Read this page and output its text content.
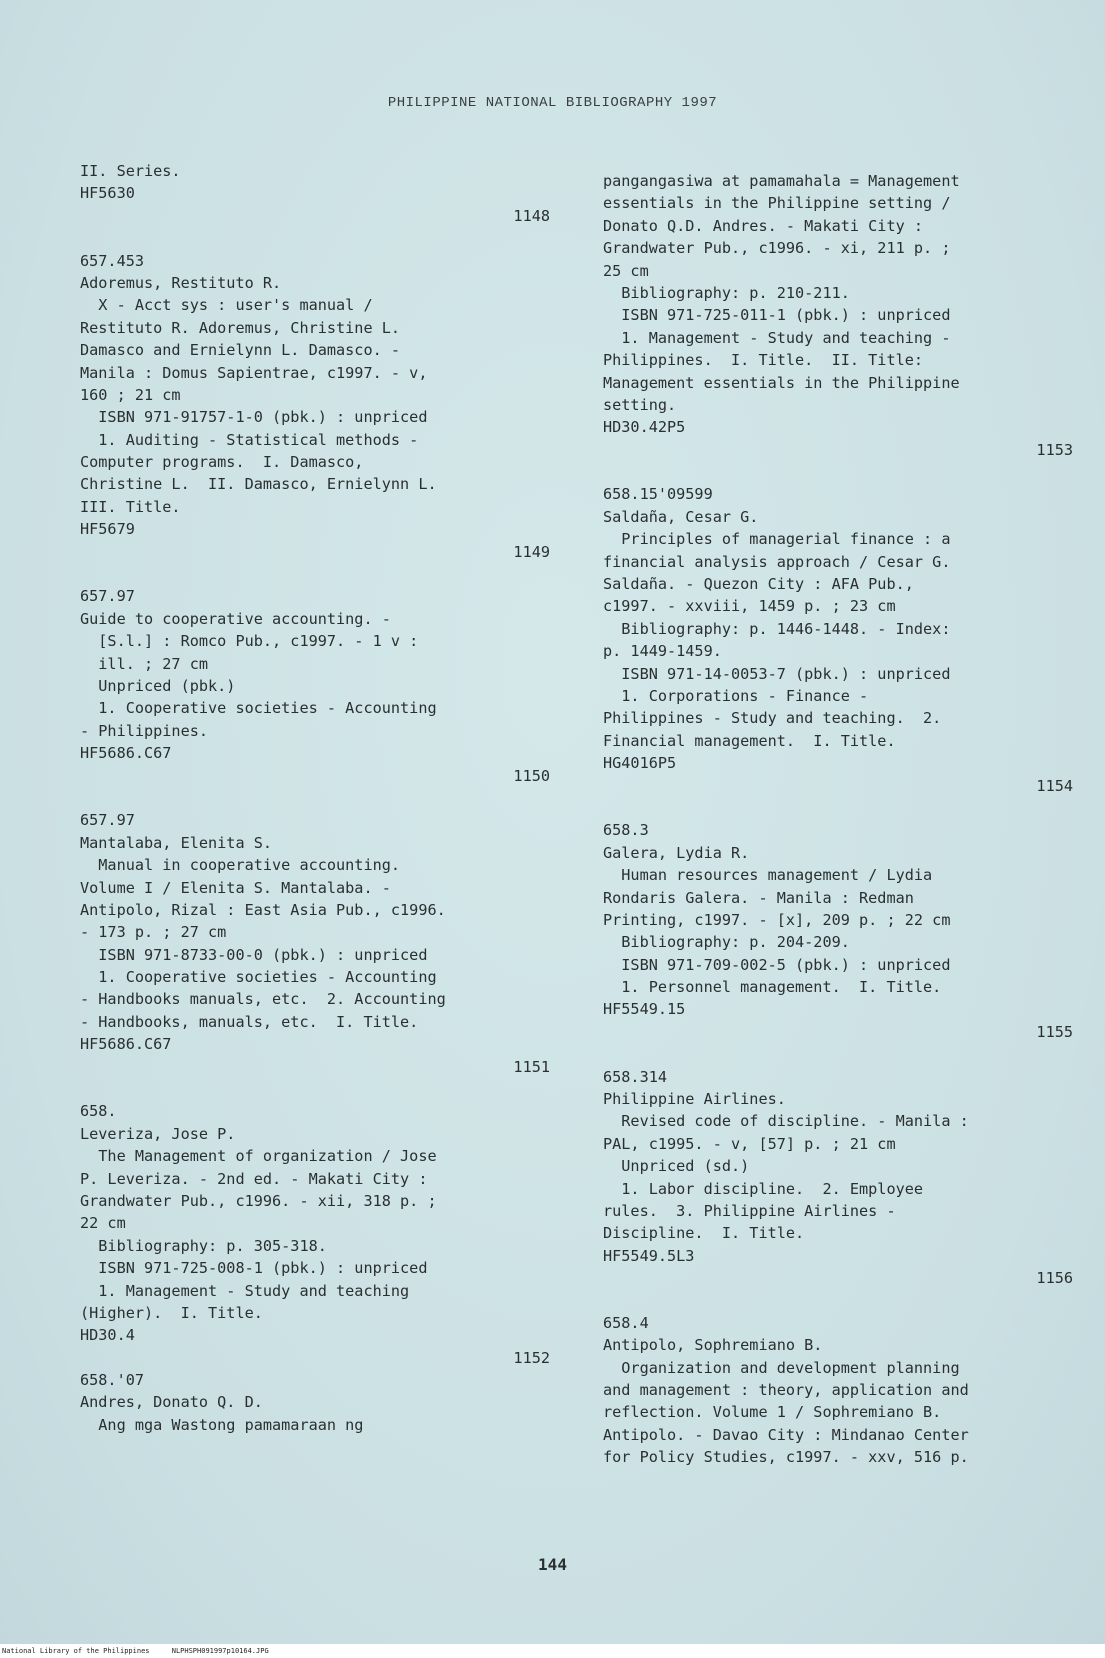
PHILIPPINE NATIONAL BIBLIOGRAPHY 1997
II. Series.
HF5630
1148
657.453
Adoremus, Restituto R.
X - Acct sys : user's manual /
Restituto R. Adoremus, Christine L.
Damasco and Ernielynn L. Damasco. -
Manila : Domus Sapientrae, c1997. - v,
160 ; 21 cm
ISBN 971-91757-1-0 (pbk.) : unpriced
1. Auditing - Statistical methods -
Computer programs.  I. Damasco,
Christine L.  II. Damasco, Ernielynn L.
III. Title.
HF5679
1149
657.97
Guide to cooperative accounting. -
[S.l.] : Romco Pub., c1997. - 1 v :
ill. ; 27 cm
Unpriced (pbk.)
1. Cooperative societies - Accounting
- Philippines.
HF5686.C67
1150
657.97
Mantalaba, Elenita S.
Manual in cooperative accounting.
Volume I / Elenita S. Mantalaba. -
Antipolo, Rizal : East Asia Pub., c1996.
- 173 p. ; 27 cm
ISBN 971-8733-00-0 (pbk.) : unpriced
1. Cooperative societies - Accounting
- Handbooks manuals, etc.  2. Accounting
- Handbooks, manuals, etc.  I. Title.
HF5686.C67
1151
658.
Leveriza, Jose P.
The Management of organization / Jose
P. Leveriza. - 2nd ed. - Makati City :
Grandwater Pub., c1996. - xii, 318 p. ;
22 cm
Bibliography: p. 305-318.
ISBN 971-725-008-1 (pbk.) : unpriced
1. Management - Study and teaching
(Higher).  I. Title.
HD30.4
1152
658.'07
Andres, Donato Q. D.
Ang mga Wastong pamamaraan ng
pangangasiwa at pamamahala = Management
essentials in the Philippine setting /
Donato Q.D. Andres. - Makati City :
Grandwater Pub., c1996. - xi, 211 p. ;
25 cm
Bibliography: p. 210-211.
ISBN 971-725-011-1 (pbk.) : unpriced
1. Management - Study and teaching -
Philippines.  I. Title.  II. Title:
Management essentials in the Philippine
setting.
HD30.42P5
1153
658.15'09599
Saldaña, Cesar G.
Principles of managerial finance : a
financial analysis approach / Cesar G.
Saldaña. - Quezon City : AFA Pub.,
c1997. - xxviii, 1459 p. ; 23 cm
Bibliography: p. 1446-1448. - Index:
p. 1449-1459.
ISBN 971-14-0053-7 (pbk.) : unpriced
1. Corporations - Finance -
Philippines - Study and teaching.  2.
Financial management.  I. Title.
HG4016P5
1154
658.3
Galera, Lydia R.
Human resources management / Lydia
Rondaris Galera. - Manila : Redman
Printing, c1997. - [x], 209 p. ; 22 cm
Bibliography: p. 204-209.
ISBN 971-709-002-5 (pbk.) : unpriced
1. Personnel management.  I. Title.
HF5549.15
1155
658.314
Philippine Airlines.
Revised code of discipline. - Manila :
PAL, c1995. - v, [57] p. ; 21 cm
Unpriced (sd.)
1. Labor discipline.  2. Employee
rules.  3. Philippine Airlines -
Discipline.  I. Title.
HF5549.5L3
1156
658.4
Antipolo, Sophremiano B.
Organization and development planning
and management : theory, application and
reflection. Volume 1 / Sophremiano B.
Antipolo. - Davao City : Mindanao Center
for Policy Studies, c1997. - xxv, 516 p.
144
National Library of the Philippines	NLPHSPH091997p10164.JPG
